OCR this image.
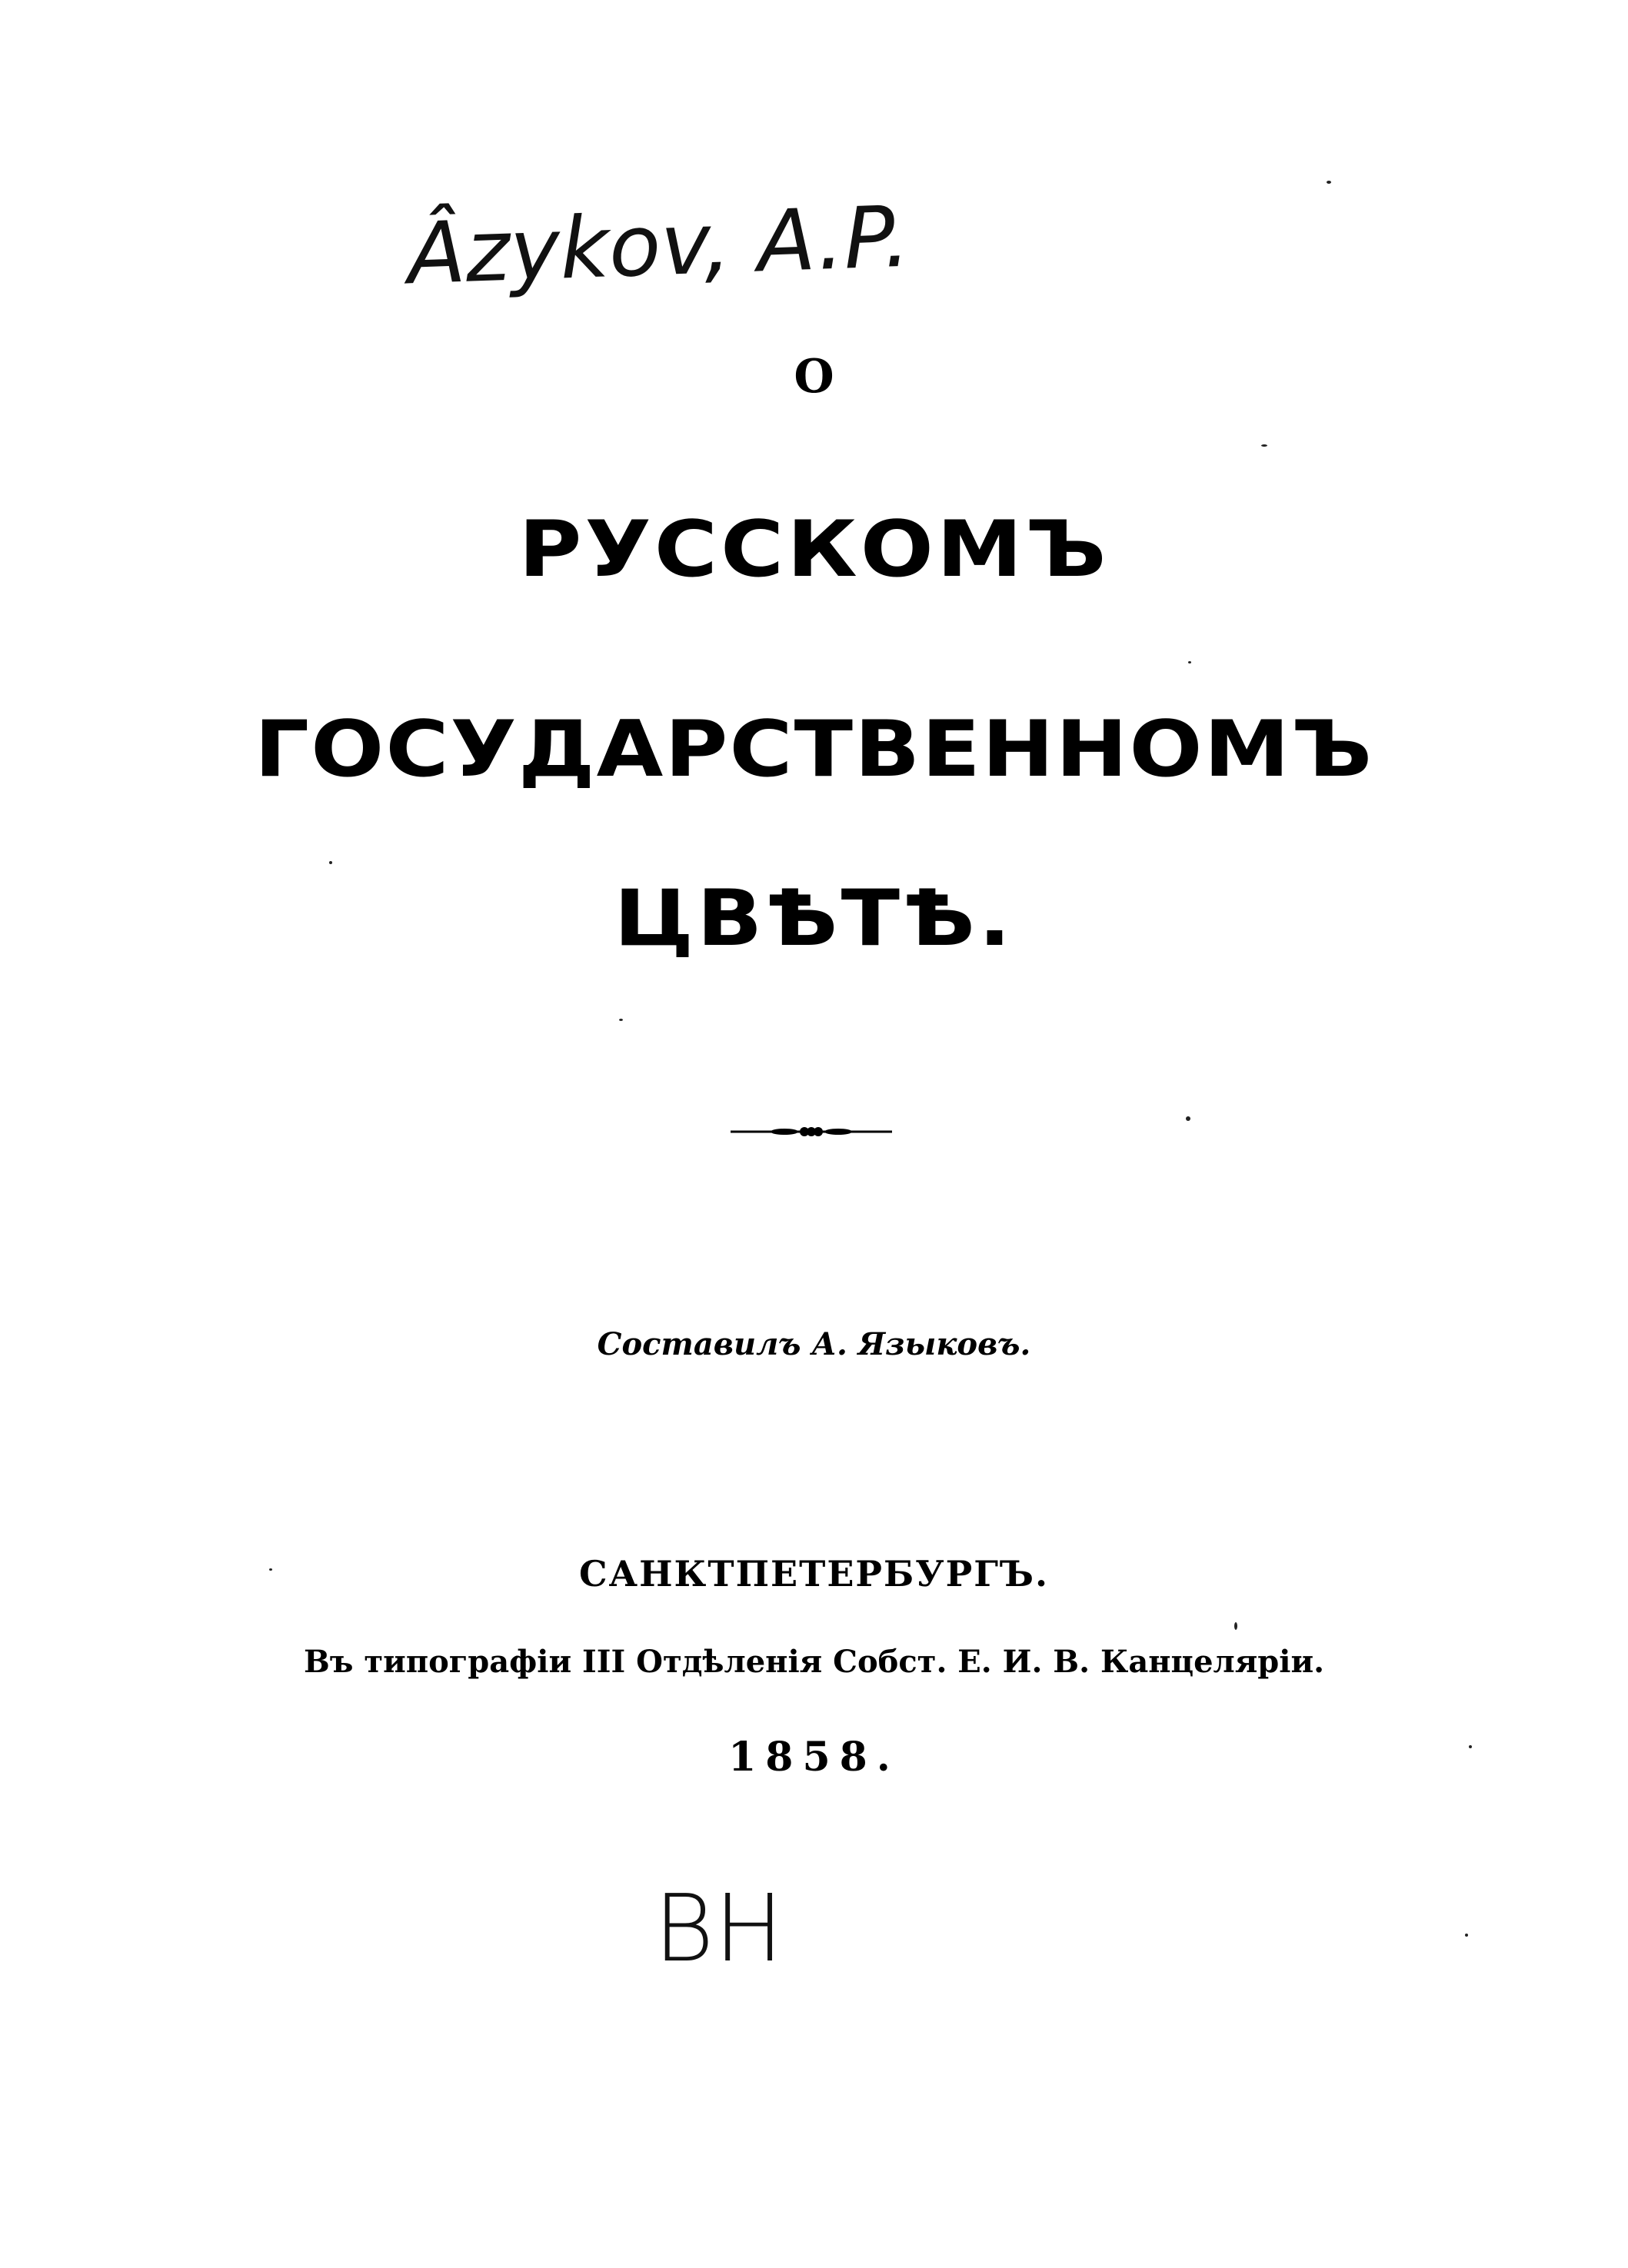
Âzykov, A.P.
О
РУССКОМЪ
ГОСУДАРСТВЕННОМЪ
ЦВѢТѢ.
Составилъ А. Языковъ.
САНКТПЕТЕРБУРГЪ.
Въ типографіи III Отдѣленія Собст. Е. И. В. Канцеляріи.
1858.
BH
